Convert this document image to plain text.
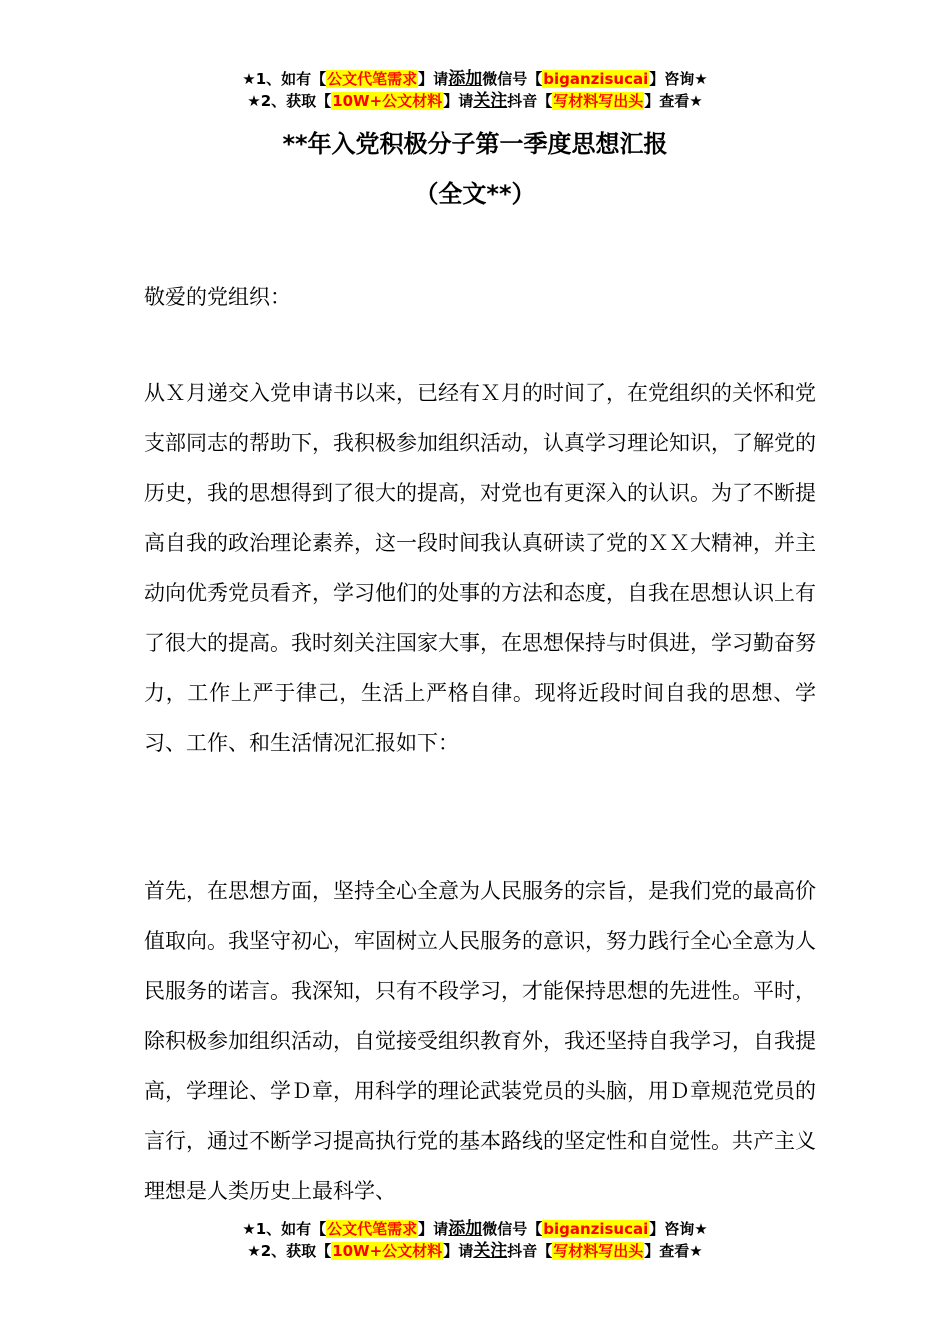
★1、如有【公文代笔需求】请添加微信号【biganzisucai】咨询★
★2、获取【10W+公文材料】请关注抖音【写材料写出头】查看★
**年入党积极分子第一季度思想汇报
（全文**）
敬爱的党组织：
从Ｘ月递交入党申请书以来，已经有Ｘ月的时间了，在党组织的关怀和党支部同志的帮助下，我积极参加组织活动，认真学习理论知识，了解党的历史，我的思想得到了很大的提高，对党也有更深入的认识。为了不断提高自我的政治理论素养，这一段时间我认真研读了党的ＸＸ大精神，并主动向优秀党员看齐，学习他们的处事的方法和态度，自我在思想认识上有了很大的提高。我时刻关注国家大事，在思想保持与时俱进，学习勤奋努力，工作上严于律己，生活上严格自律。现将近段时间自我的思想、学习、工作、和生活情况汇报如下：
首先，在思想方面，坚持全心全意为人民服务的宗旨，是我们党的最高价值取向。我坚守初心，牢固树立人民服务的意识，努力践行全心全意为人民服务的诺言。我深知，只有不段学习，才能保持思想的先进性。平时，除积极参加组织活动，自觉接受组织教育外，我还坚持自我学习，自我提高，学理论、学Ｄ章，用科学的理论武装党员的头脑，用Ｄ章规范党员的言行，通过不断学习提高执行党的基本路线的坚定性和自觉性。共产主义理想是人类历史上最科学、
★1、如有【公文代笔需求】请添加微信号【biganzisucai】咨询★
★2、获取【10W+公文材料】请关注抖音【写材料写出头】查看★
